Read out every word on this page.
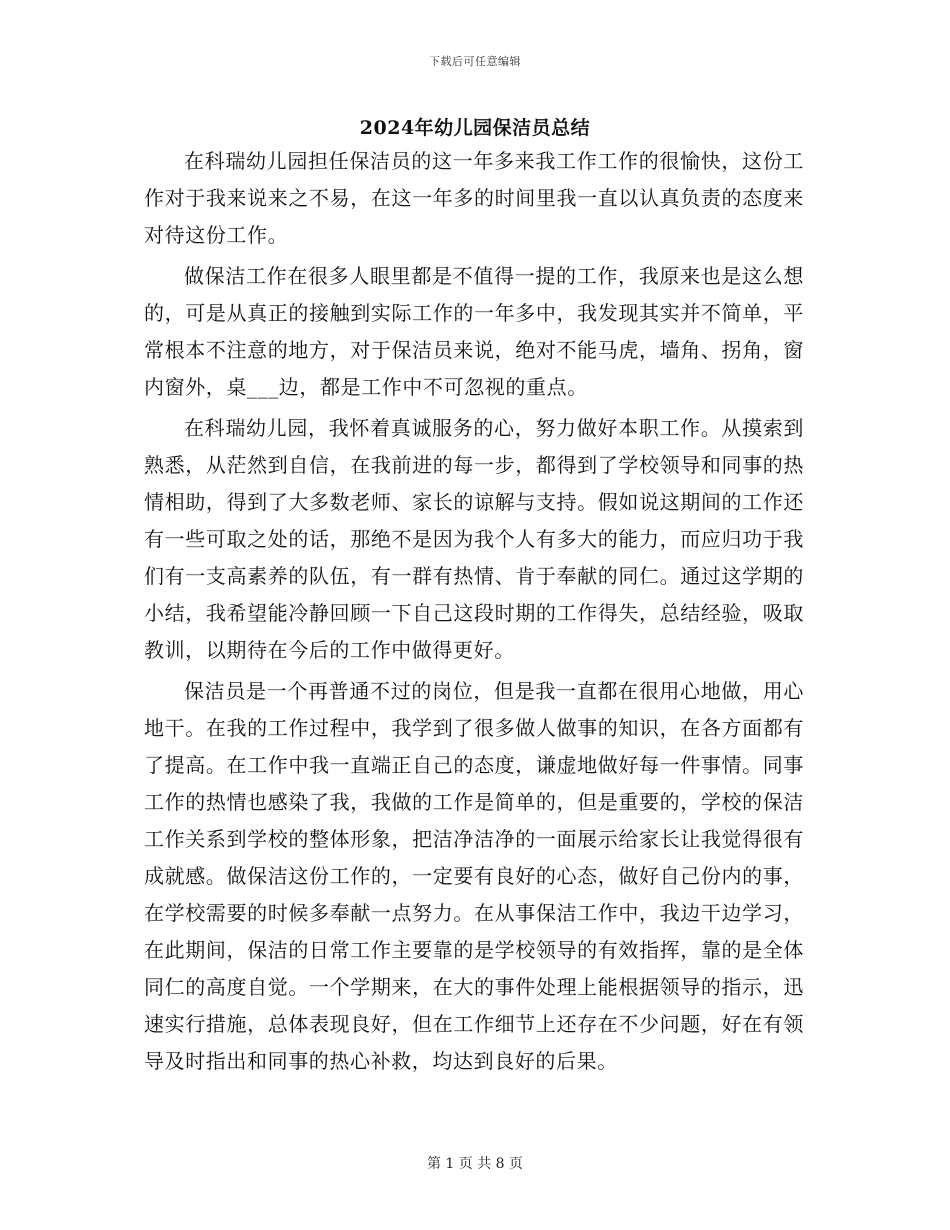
下载后可任意编辑
2024年幼儿园保洁员总结

在科瑞幼儿园担任保洁员的这一年多来我工作工作的很愉快，这份工作对于我来说来之不易，在这一年多的时间里我一直以认真负责的态度来对待这份工作。

做保洁工作在很多人眼里都是不值得一提的工作，我原来也是这么想的，可是从真正的接触到实际工作的一年多中，我发现其实并不简单，平常根本不注意的地方，对于保洁员来说，绝对不能马虎，墙角、拐角，窗内窗外，桌___边，都是工作中不可忽视的重点。

在科瑞幼儿园，我怀着真诚服务的心，努力做好本职工作。从摸索到熟悉，从茫然到自信，在我前进的每一步，都得到了学校领导和同事的热情相助，得到了大多数老师、家长的谅解与支持。假如说这期间的工作还有一些可取之处的话，那绝不是因为我个人有多大的能力，而应归功于我们有一支高素养的队伍，有一群有热情、肯于奉献的同仁。通过这学期的小结，我希望能冷静回顾一下自己这段时期的工作得失，总结经验，吸取教训，以期待在今后的工作中做得更好。

保洁员是一个再普通不过的岗位，但是我一直都在很用心地做，用心地干。在我的工作过程中，我学到了很多做人做事的知识，在各方面都有了提高。在工作中我一直端正自己的态度，谦虚地做好每一件事情。同事工作的热情也感染了我，我做的工作是简单的，但是重要的，学校的保洁工作关系到学校的整体形象，把洁净洁净的一面展示给家长让我觉得很有成就感。做保洁这份工作的，一定要有良好的心态，做好自己份内的事，在学校需要的时候多奉献一点努力。在从事保洁工作中，我边干边学习，在此期间，保洁的日常工作主要靠的是学校领导的有效指挥，靠的是全体同仁的高度自觉。一个学期来，在大的事件处理上能根据领导的指示，迅速实行措施，总体表现良好，但在工作细节上还存在不少问题，好在有领导及时指出和同事的热心补救，均达到良好的后果。

第 1 页 共 8 页
